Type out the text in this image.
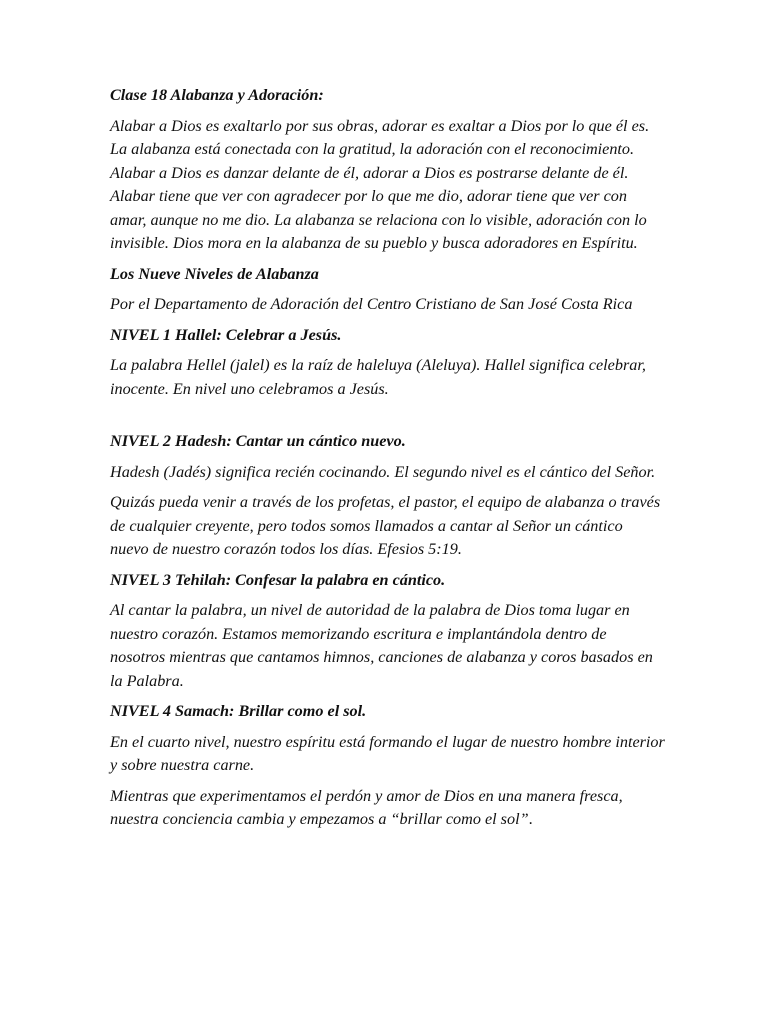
Clase 18 Alabanza y Adoración:

Alabar a Dios es exaltarlo por sus obras, adorar es exaltar a Dios por lo que él es. La alabanza está conectada con la gratitud, la adoración con el reconocimiento. Alabar a Dios es danzar delante de él, adorar a Dios es postrarse delante de él. Alabar tiene que ver con agradecer por lo que me dio, adorar tiene que ver con amar, aunque no me dio. La alabanza se relaciona con lo visible, adoración con lo invisible. Dios mora en la alabanza de su pueblo y busca adoradores en Espíritu.

Los Nueve Niveles de Alabanza

Por el Departamento de Adoración del Centro Cristiano de San José Costa Rica

NIVEL 1 Hallel: Celebrar a Jesús.

La palabra Hellel (jalel) es la raíz de haleluya (Aleluya). Hallel significa celebrar, inocente. En nivel uno celebramos a Jesús.

NIVEL 2 Hadesh: Cantar un cántico nuevo.

Hadesh (Jadés) significa recién cocinando. El segundo nivel es el cántico del Señor.

Quizás pueda venir a través de los profetas, el pastor, el equipo de alabanza o través de cualquier creyente, pero todos somos llamados a cantar al Señor un cántico nuevo de nuestro corazón todos los días. Efesios 5:19.

NIVEL 3 Tehilah: Confesar la palabra en cántico.

Al cantar la palabra, un nivel de autoridad de la palabra de Dios toma lugar en nuestro corazón. Estamos memorizando escritura e implantándola dentro de nosotros mientras que cantamos himnos, canciones de alabanza y coros basados en la Palabra.

NIVEL 4 Samach: Brillar como el sol.

En el cuarto nivel, nuestro espíritu está formando el lugar de nuestro hombre interior y sobre nuestra carne.

Mientras que experimentamos el perdón y amor de Dios en una manera fresca, nuestra conciencia cambia y empezamos a “brillar como el sol”.
